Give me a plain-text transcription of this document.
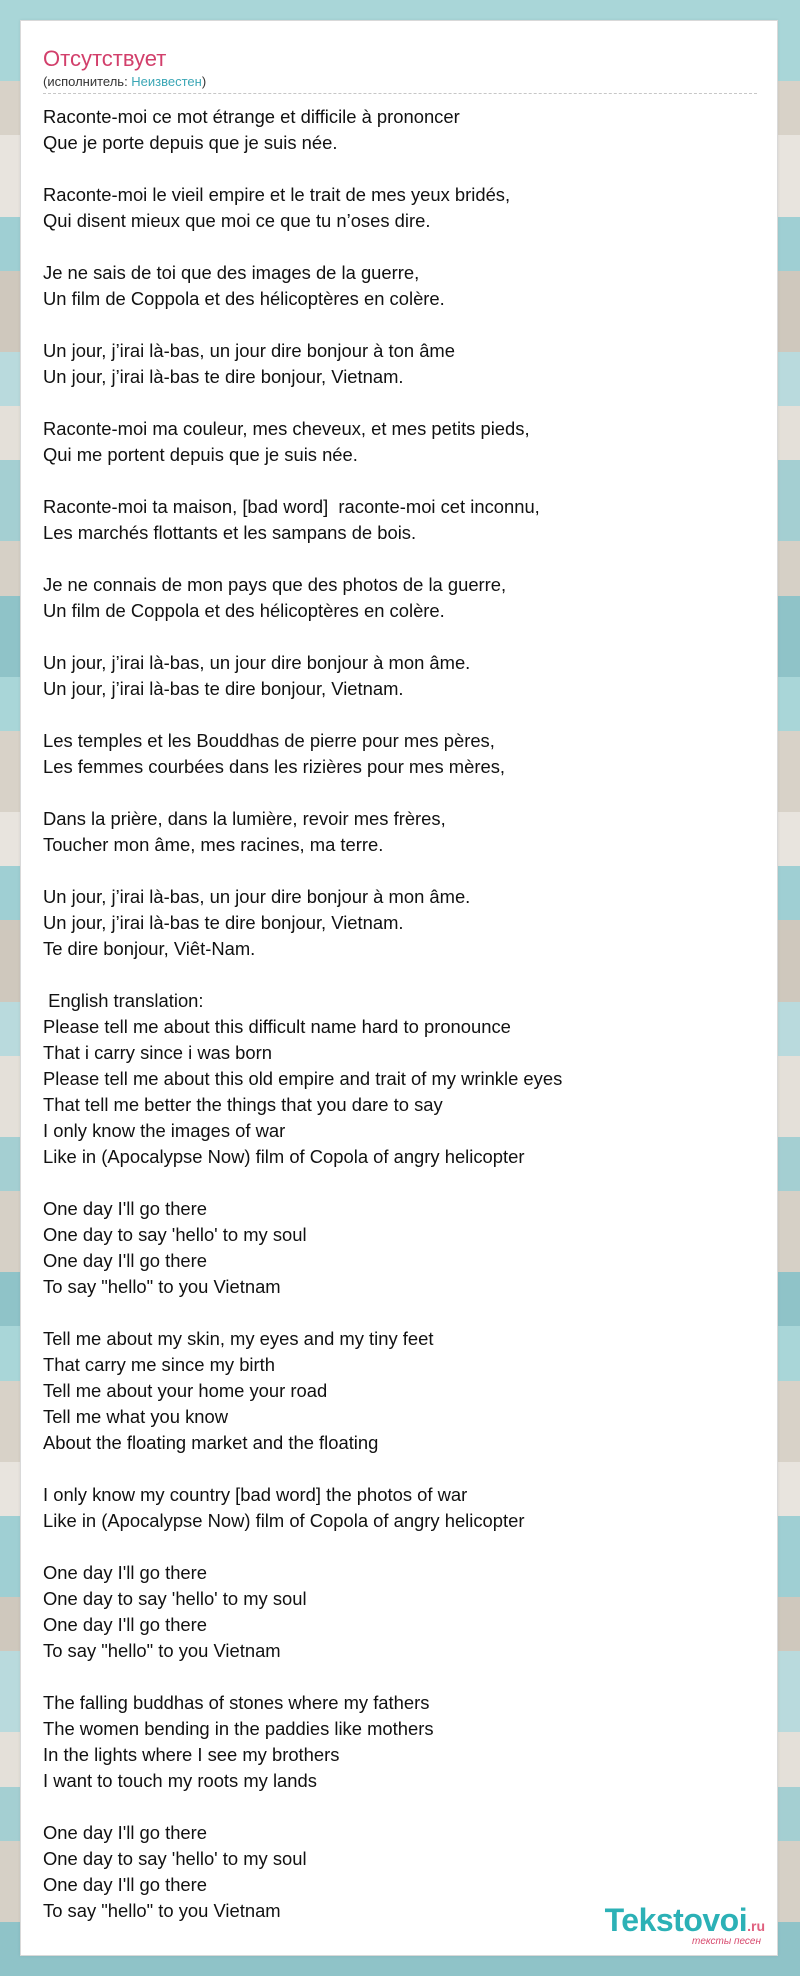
Отсутствует
(исполнитель: Неизвестен)
Raconte-moi ce mot étrange et difficile à prononcer
Que je porte depuis que je suis née.
Raconte-moi le vieil empire et le trait de mes yeux bridés,
Qui disent mieux que moi ce que tu n’oses dire.
Je ne sais de toi que des images de la guerre,
Un film de Coppola et des hélicoptères en colère.
Un jour, j’irai là-bas, un jour dire bonjour à ton âme
Un jour, j’irai là-bas te dire bonjour, Vietnam.
Raconte-moi ma couleur, mes cheveux, et mes petits pieds,
Qui me portent depuis que je suis née.
Raconte-moi ta maison, [bad word]  raconte-moi cet inconnu,
Les marchés flottants et les sampans de bois.
Je ne connais de mon pays que des photos de la guerre,
Un film de Coppola et des hélicoptères en colère.
Un jour, j’irai là-bas, un jour dire bonjour à mon âme.
Un jour, j’irai là-bas te dire bonjour, Vietnam.
Les temples et les Bouddhas de pierre pour mes pères,
Les femmes courbées dans les rizières pour mes mères,
Dans la prière, dans la lumière, revoir mes frères,
Toucher mon âme, mes racines, ma terre.
Un jour, j’irai là-bas, un jour dire bonjour à mon âme.
Un jour, j’irai là-bas te dire bonjour, Vietnam.
Te dire bonjour, Viêt-Nam.
English translation:
Please tell me about this difficult name hard to pronounce
That i carry since i was born
Please tell me about this old empire and trait of my wrinkle eyes
That tell me better the things that you dare to say
I only know the images of war
Like in (Apocalypse Now) film of Copola of angry helicopter
One day I'll go there
One day to say 'hello' to my soul
One day I'll go there
To say "hello" to you Vietnam
Tell me about my skin, my eyes and my tiny feet
That carry me since my birth
Tell me about your home your road
Tell me what you know
About the floating market and the floating
I only know my country [bad word] the photos of war
Like in (Apocalypse Now) film of Copola of angry helicopter
One day I'll go there
One day to say 'hello' to my soul
One day I'll go there
To say "hello" to you Vietnam
The falling buddhas of stones where my fathers
The women bending in the paddies like mothers
In the lights where I see my brothers
I want to touch my roots my lands
One day I'll go there
One day to say 'hello' to my soul
One day I'll go there
To say "hello" to you Vietnam	Tekstovoi.ru
тексты песен
